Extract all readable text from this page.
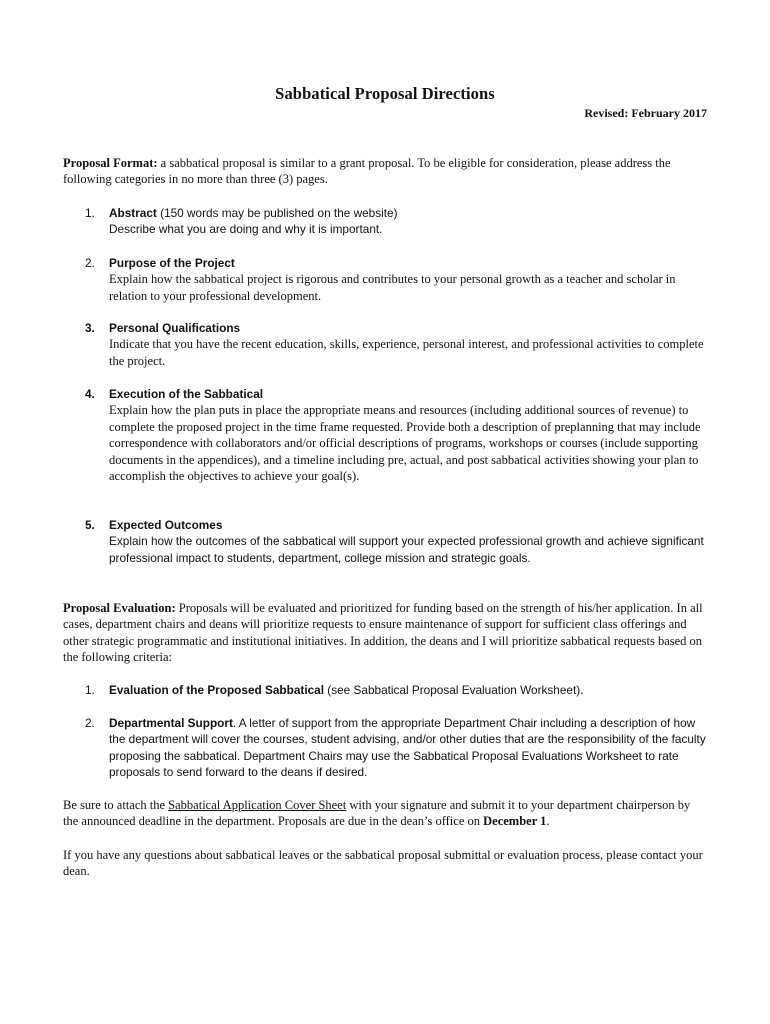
Sabbatical Proposal Directions
Revised: February 2017
Proposal Format: a sabbatical proposal is similar to a grant proposal. To be eligible for consideration, please address the following categories in no more than three (3) pages.
1.	Abstract (150 words may be published on the website)
Describe what you are doing and why it is important.
2.	Purpose of the Project
Explain how the sabbatical project is rigorous and contributes to your personal growth as a teacher and scholar in relation to your professional development.
3.	Personal Qualifications
Indicate that you have the recent education, skills, experience, personal interest, and professional activities to complete the project.
4.	Execution of the Sabbatical
Explain how the plan puts in place the appropriate means and resources (including additional sources of revenue) to complete the proposed project in the time frame requested. Provide both a description of preplanning that may include correspondence with collaborators and/or official descriptions of programs, workshops or courses (include supporting documents in the appendices), and a timeline including pre, actual, and post sabbatical activities showing your plan to accomplish the objectives to achieve your goal(s).
5.	Expected Outcomes
Explain how the outcomes of the sabbatical will support your expected professional growth and achieve significant professional impact to students, department, college mission and strategic goals.
Proposal Evaluation: Proposals will be evaluated and prioritized for funding based on the strength of his/her application. In all cases, department chairs and deans will prioritize requests to ensure maintenance of support for sufficient class offerings and other strategic programmatic and institutional initiatives. In addition, the deans and I will prioritize sabbatical requests based on the following criteria:
1.	Evaluation of the Proposed Sabbatical (see Sabbatical Proposal Evaluation Worksheet).
2.	Departmental Support. A letter of support from the appropriate Department Chair including a description of how the department will cover the courses, student advising, and/or other duties that are the responsibility of the faculty proposing the sabbatical. Department Chairs may use the Sabbatical Proposal Evaluations Worksheet to rate proposals to send forward to the deans if desired.
Be sure to attach the Sabbatical Application Cover Sheet with your signature and submit it to your department chairperson by the announced deadline in the department. Proposals are due in the dean’s office on December 1.
If you have any questions about sabbatical leaves or the sabbatical proposal submittal or evaluation process, please contact your dean.
